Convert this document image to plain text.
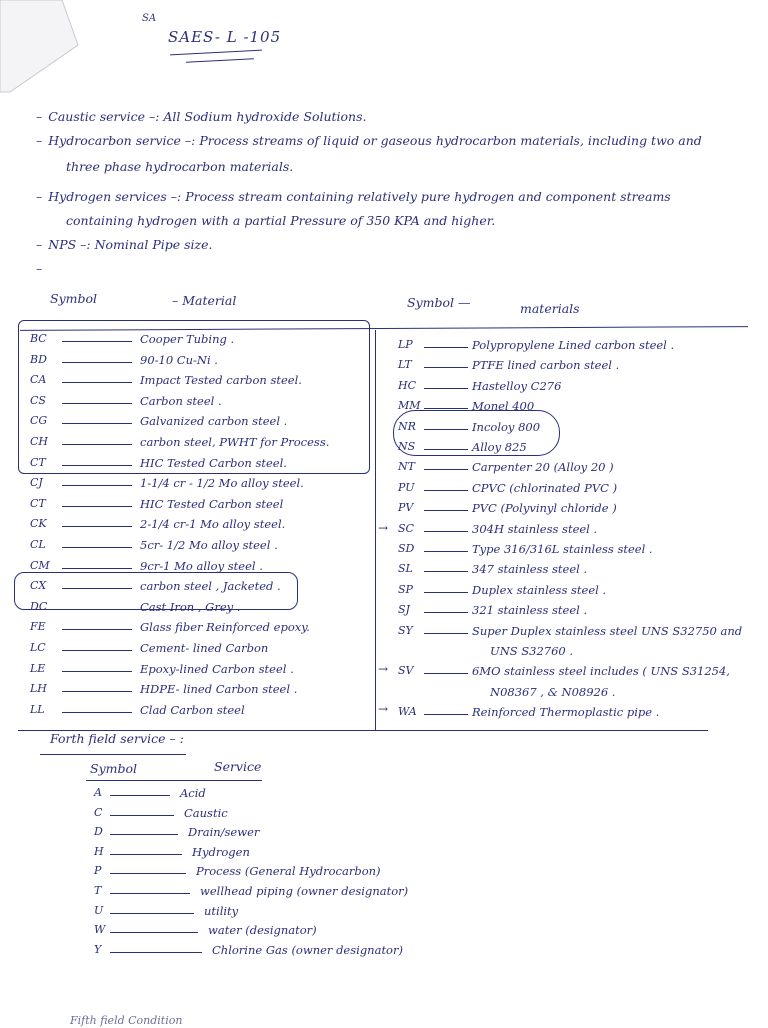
SA
SAES- L -105
– Caustic service –: All Sodium hydroxide Solutions.
– Hydrocarbon service –: Process streams of liquid or gaseous hydrocarbon materials, including two and
three phase hydrocarbon materials.
– Hydrogen services –: Process stream containing relatively pure hydrogen and component streams
containing hydrogen with a partial Pressure of 350 KPA and higher.
– NPS –: Nominal Pipe size.
–
Symbol	– Material	Symbol —	materials
BC	Cooper Tubing .
BD	90-10 Cu-Ni .
CA	Impact Tested carbon steel.
CS	Carbon steel .
CG	Galvanized carbon steel .
CH	carbon steel, PWHT for Process.
CT	HIC Tested Carbon steel.
CJ	1-1/4 cr - 1/2 Mo alloy steel.
CT	HIC Tested Carbon steel
CK	2-1/4 cr-1 Mo alloy steel.
CL	5cr- 1/2 Mo alloy steel .
CM	9cr-1 Mo alloy steel .
CX	carbon steel , Jacketed .
DC	Cast Iron , Grey .
FE	Glass fiber Reinforced epoxy.
LC	Cement- lined Carbon
LE	Epoxy-lined Carbon steel .
LH	HDPE- lined Carbon steel .
LL	Clad Carbon steel
LP	Polypropylene Lined carbon steel .
LT	PTFE lined carbon steel .
HC	Hastelloy C276
MM	Monel 400
NR	Incoloy 800
NS	Alloy 825
NT	Carpenter 20 (Alloy 20 )
PU	CPVC (chlorinated PVC )
PV	PVC (Polyvinyl chloride )
SC	304H stainless steel .
SD	Type 316/316L stainless steel .
SL	347 stainless steel .
SP	Duplex stainless steel .
SJ	321 stainless steel .
SY	Super Duplex stainless steel UNS S32750 and
UNS S32760 .
SV	6MO stainless steel includes ( UNS S31254,
N08367 , & N08926 .
WA	Reinforced Thermoplastic pipe .
→
→
→
Forth field service – :
Symbol	Service
A	Acid
C	Caustic
D	Drain/sewer
H	Hydrogen
P	Process (General Hydrocarbon)
T	wellhead piping (owner designator)
U	utility
W	water (designator)
Y	Chlorine Gas (owner designator)
Fifth field Condition
